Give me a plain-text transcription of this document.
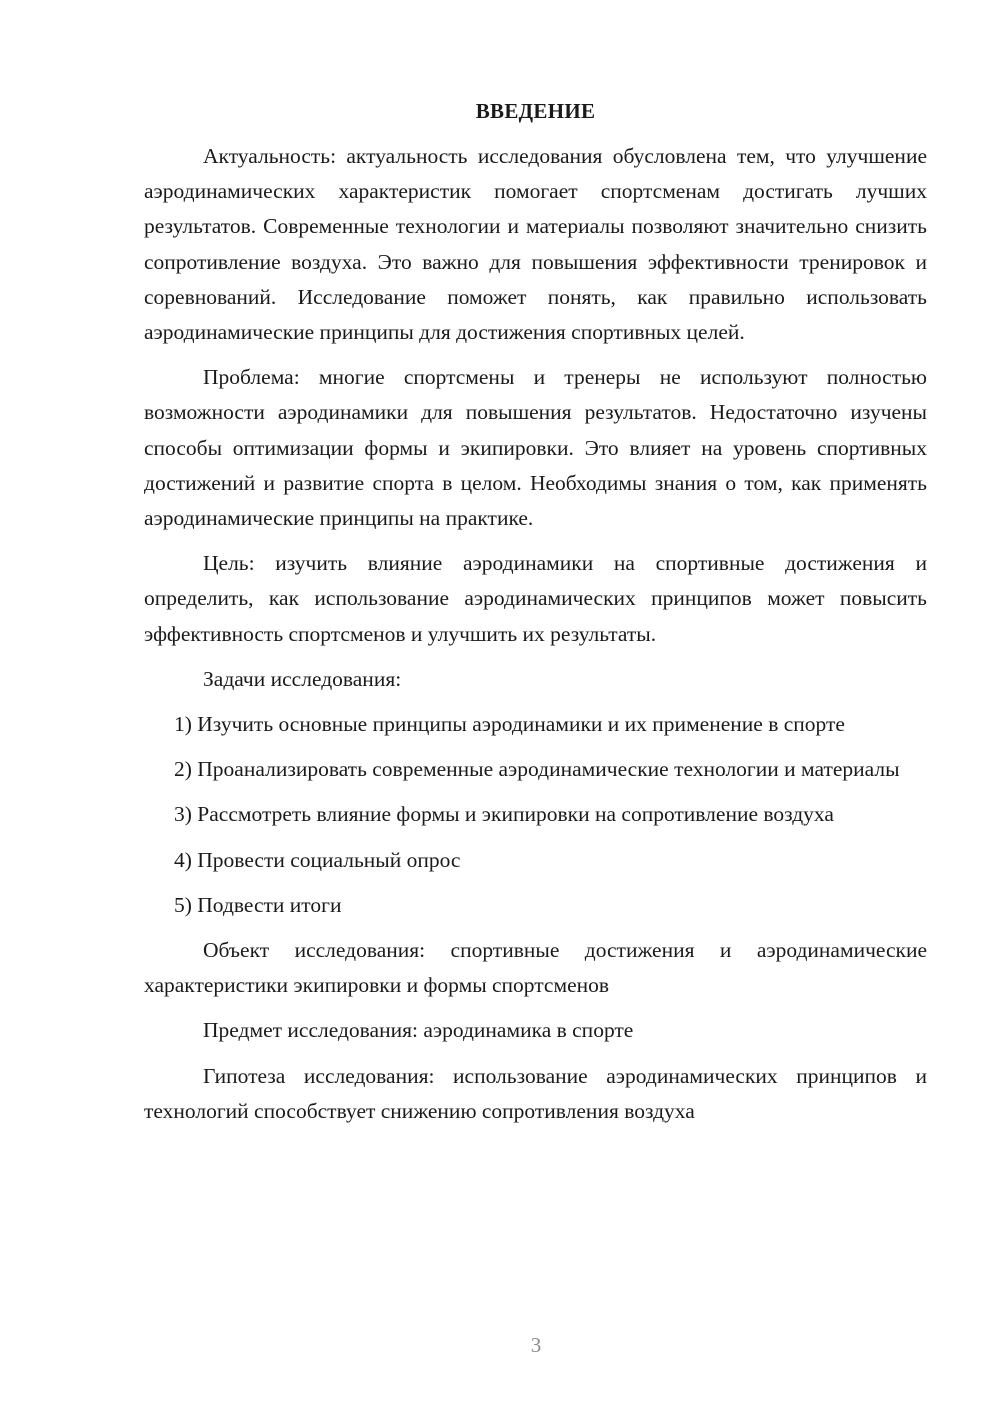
ВВЕДЕНИЕ

Актуальность: актуальность исследования обусловлена тем, что улучшение аэродинамических характеристик помогает спортсменам достигать лучших результатов. Современные технологии и материалы позволяют значительно снизить сопротивление воздуха. Это важно для повышения эффективности тренировок и соревнований. Исследование поможет понять, как правильно использовать аэродинамические принципы для достижения спортивных целей.

Проблема: многие спортсмены и тренеры не используют полностью возможности аэродинамики для повышения результатов. Недостаточно изучены способы оптимизации формы и экипировки. Это влияет на уровень спортивных достижений и развитие спорта в целом. Необходимы знания о том, как применять аэродинамические принципы на практике.

Цель: изучить влияние аэродинамики на спортивные достижения и определить, как использование аэродинамических принципов может повысить эффективность спортсменов и улучшить их результаты.

Задачи исследования:

1) Изучить основные принципы аэродинамики и их применение в спорте

2) Проанализировать современные аэродинамические технологии и материалы

3) Рассмотреть влияние формы и экипировки на сопротивление воздуха

4) Провести социальный опрос

5) Подвести итоги

Объект исследования: спортивные достижения и аэродинамические характеристики экипировки и формы спортсменов

Предмет исследования: аэродинамика в спорте

Гипотеза исследования: использование аэродинамических принципов и технологий способствует снижению сопротивления воздуха

3
